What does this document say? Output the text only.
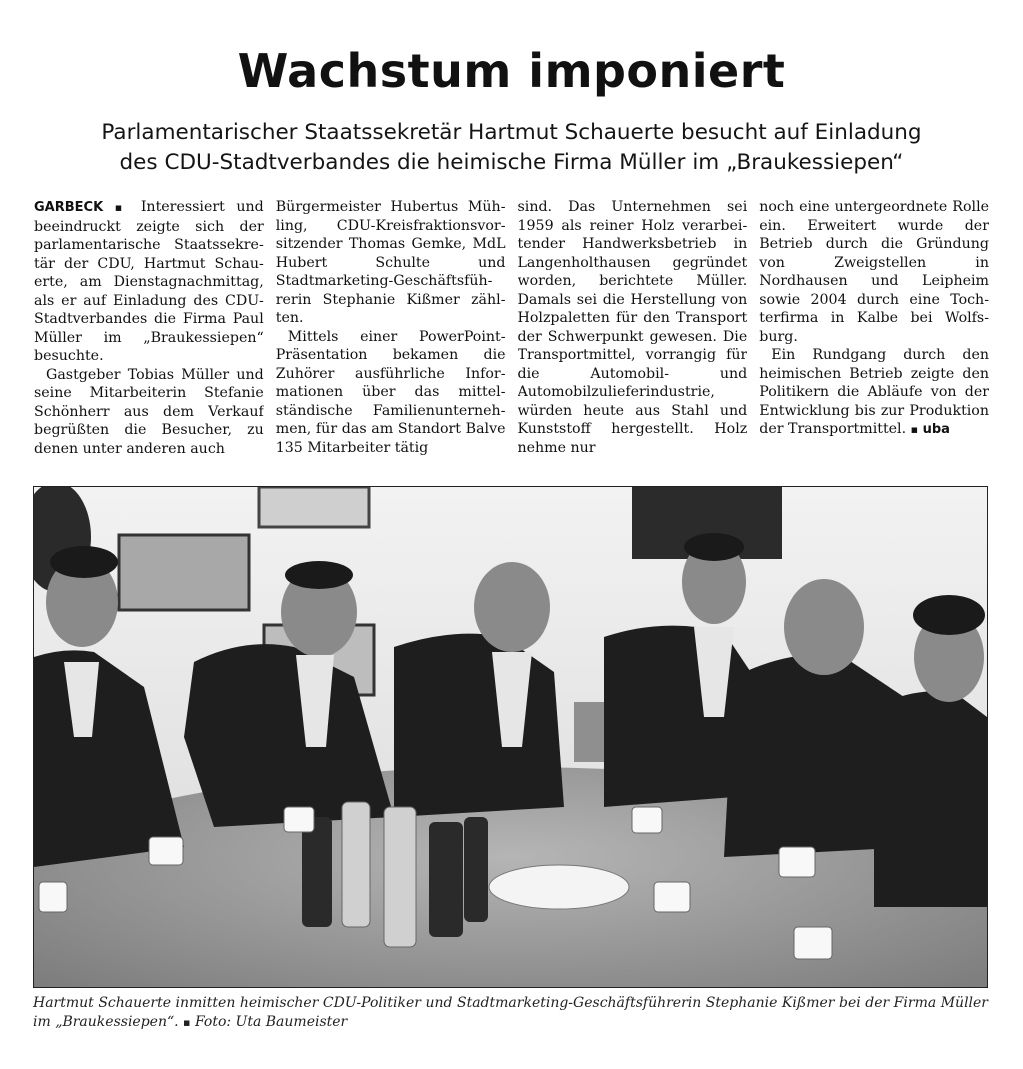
Wachstum imponiert
Parlamentarischer Staatssekretär Hartmut Schauerte besucht auf Einladung
des CDU-Stadtverbandes die heimische Firma Müller im „Braukessiepen“

GARBECK ▪ Interessiert und beeindruckt zeigte sich der parlamentarische Staatssekretär der CDU, Hartmut Schauerte, am Dienstagnachmittag, als er auf Einladung des CDU-Stadtverbandes die Firma Paul Müller im „Braukessiepen“ besuchte.

Gastgeber Tobias Müller und seine Mitarbeiterin Stefanie Schönherr aus dem Verkauf begrüßten die Besucher, zu denen unter anderen auch

Bürgermeister Hubertus Mühling, CDU-Kreisfraktionsvorsitzender Thomas Gemke, MdL Hubert Schulte und Stadtmarketing-Geschäftsführerin Stephanie Kißmer zählten.

Mittels einer PowerPoint-Präsentation bekamen die Zuhörer ausführliche Informationen über das mittelständische Familienunternehmen, für das am Standort Balve 135 Mitarbeiter tätig

sind. Das Unternehmen sei 1959 als reiner Holz verarbeitender Handwerksbetrieb in Langenholthausen gegründet worden, berichtete Müller. Damals sei die Herstellung von Holzpaletten für den Transport der Schwerpunkt gewesen. Die Transportmittel, vorrangig für die Automobil- und Automobilzulieferindustrie, würden heute aus Stahl und Kunststoff hergestellt. Holz nehme nur

noch eine untergeordnete Rolle ein. Erweitert wurde der Betrieb durch die Gründung von Zweigstellen in Nordhausen und Leipheim sowie 2004 durch eine Tochterfirma in Kalbe bei Wolfsburg.

Ein Rundgang durch den heimischen Betrieb zeigte den Politikern die Abläufe von der Entwicklung bis zur Produktion der Transportmittel. ▪ uba

Hartmut Schauerte inmitten heimischer CDU-Politiker und Stadtmarketing-Geschäftsführerin Stephanie Kißmer bei der Firma Müller im „Braukessiepen“. ▪ Foto: Uta Baumeister
